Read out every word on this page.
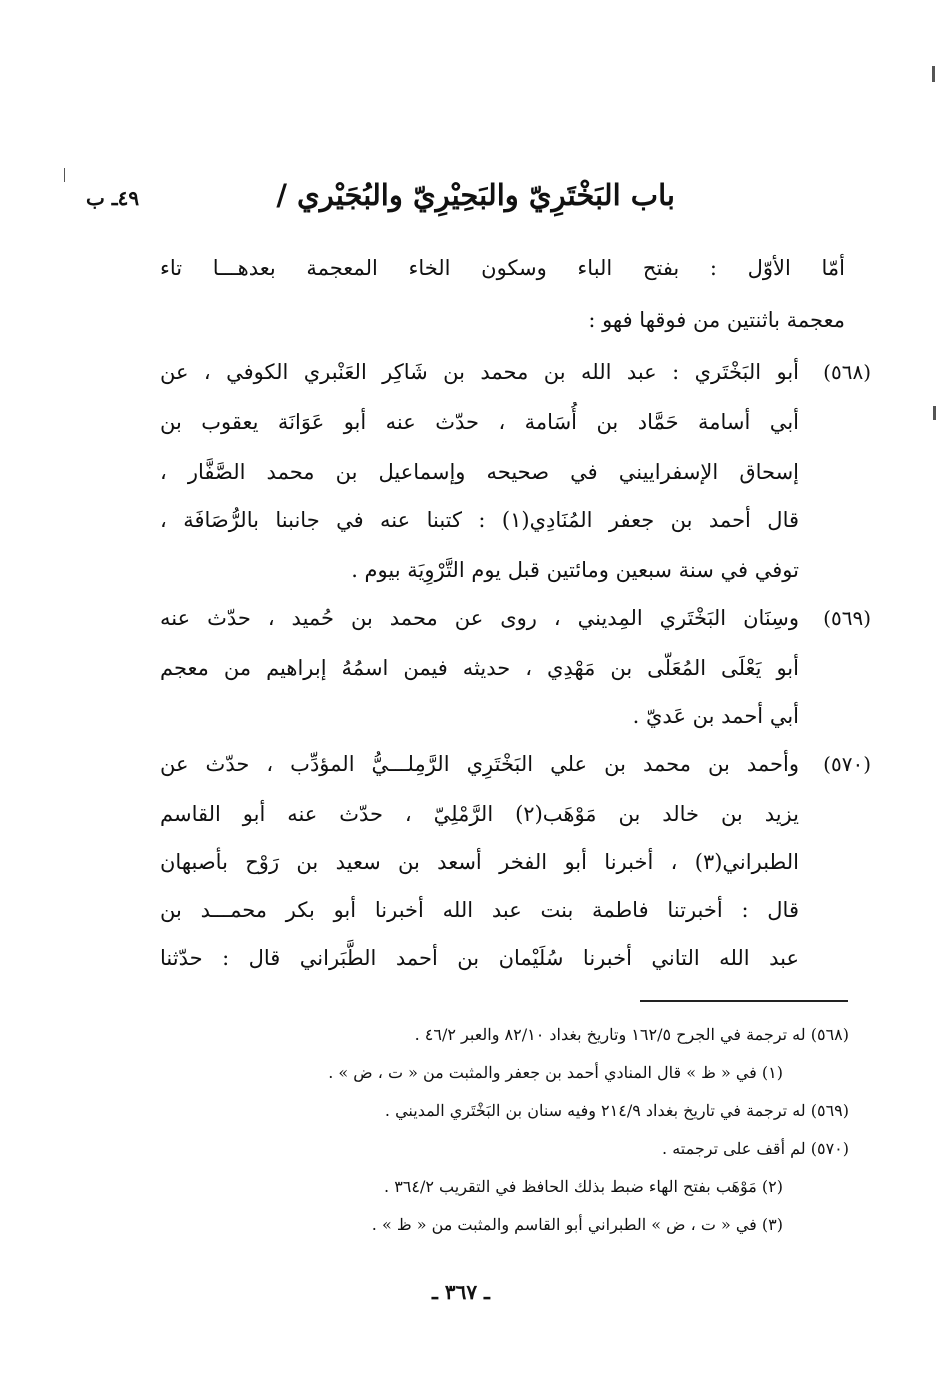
باب البَخْتَرِيّ والبَحِيْرِيّ والبُجَيْري /
٤٩ـ ب
أمّا الأوّل : بفتح الباء وسكون الخاء المعجمة بعدهـــا تاء
معجمة باثنتين من فوقها فهو :
(٥٦٨)
أبو البَخْتَري : عبد الله بن محمد بن شَاكِر العَنْبري الكوفي ، عن
أبي أسامة حَمَّاد بن أُسَامة ، حدّث عنه أبو عَوَانَة يعقوب بن
إسحاق الإسفراييني في صحيحه وإسماعيل بن محمد الصَّفَّار ،
قال أحمد بن جعفر المُنَادِي(١) : كتبنا عنه في جانبنا بالرُّصَافَة ،
توفي في سنة سبعين ومائتين قبل يوم التَّرْوِيَة بيوم .
(٥٦٩)
وسِنَان البَخْتَري المِديني ، روى عن محمد بن حُميد ، حدّث عنه
أبو يَعْلَى المُعَلّى بن مَهْدِي ، حديثه فيمن اسمُهُ إبراهيم من معجم
أبي أحمد بن عَديّ .
(٥٧٠)
وأحمد بن محمد بن علي البَخْتَرِي الرَّمِلـــيُّ المؤدِّب ، حدّث عن
يزيد بن خالد بن مَوْهَب(٢) الرَّمْلِيّ ، حدّث عنه أبو القاسم
الطبراني(٣) ، أخبرنا أبو الفخر أسعد بن سعيد بن رَوْح بأصبهان
قال : أخبرتنا فاطمة بنت عبد الله أخبرنا أبو بكر محمـــد بن
عبد الله التاني أخبرنا سُلَيْمان بن أحمد الطَّبَراني قال : حدّثنا
(٥٦٨) له ترجمة في الجرح ١٦٢/٥ وتاريخ بغداد ٨٢/١٠ والعبر ٤٦/٢ .
(١) في « ظ » قال المنادي أحمد بن جعفر والمثبت من « ت ، ض » .
(٥٦٩) له ترجمة في تاريخ بغداد ٢١٤/٩ وفيه سنان بن البَخْتَري المديني .
(٥٧٠) لم أقف على ترجمته .
(٢) مَوْهَب بفتح الهاء ضبط بذلك الحافظ في التقريب ٣٦٤/٢ .
(٣) في « ت ، ض » الطبراني أبو القاسم والمثبت من « ظ » .
ـ ٣٦٧ ـ
